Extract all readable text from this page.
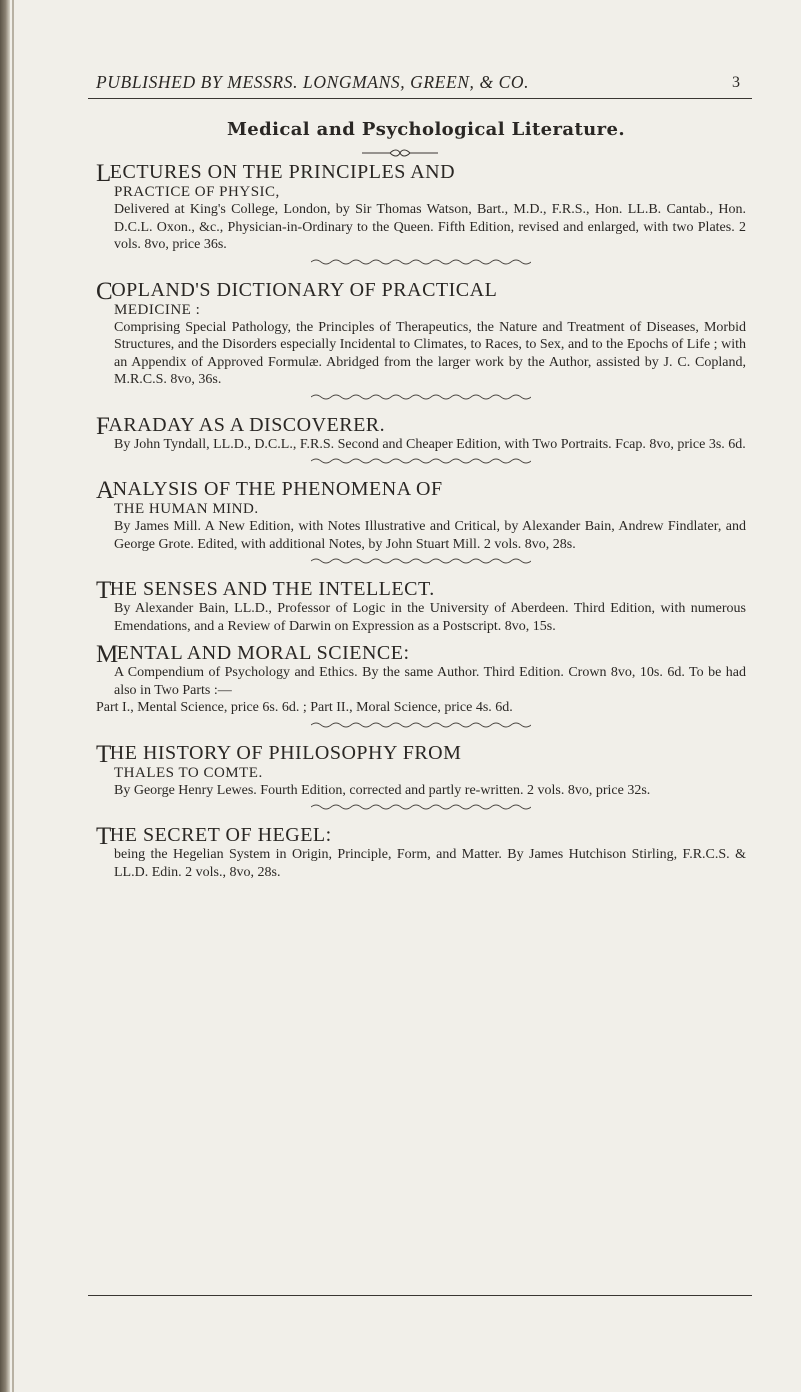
PUBLISHED BY MESSRS. LONGMANS, GREEN, & CO.	3
Medical and Psychological Literature.

LECTURES ON THE PRINCIPLES AND

PRACTICE OF PHYSIC,
Delivered at King's College, London, by Sir Thomas Watson, Bart., M.D., F.R.S., Hon. LL.B. Cantab., Hon. D.C.L. Oxon., &c., Physician-in-Ordinary to the Queen. Fifth Edition, revised and enlarged, with two Plates. 2 vols. 8vo, price 36s.

COPLAND'S DICTIONARY OF PRACTICAL

MEDICINE :
Comprising Special Pathology, the Principles of Therapeutics, the Nature and Treatment of Diseases, Morbid Structures, and the Disorders especially Incidental to Climates, to Races, to Sex, and to the Epochs of Life ; with an Appendix of Approved Formulæ. Abridged from the larger work by the Author, assisted by J. C. Copland, M.R.C.S. 8vo, 36s.

FARADAY AS A DISCOVERER.

By John Tyndall, LL.D., D.C.L., F.R.S. Second and Cheaper Edition, with Two Portraits. Fcap. 8vo, price 3s. 6d.

ANALYSIS OF THE PHENOMENA OF

THE HUMAN MIND.
By James Mill. A New Edition, with Notes Illustrative and Critical, by Alexander Bain, Andrew Findlater, and George Grote. Edited, with additional Notes, by John Stuart Mill. 2 vols. 8vo, 28s.

THE SENSES AND THE INTELLECT.

By Alexander Bain, LL.D., Professor of Logic in the University of Aberdeen. Third Edition, with numerous Emendations, and a Review of Darwin on Expression as a Postscript. 8vo, 15s.

MENTAL AND MORAL SCIENCE:

A Compendium of Psychology and Ethics. By the same Author. Third Edition. Crown 8vo, 10s. 6d. To be had also in Two Parts :—
Part I., Mental Science, price 6s. 6d. ; Part II., Moral Science, price 4s. 6d.

THE HISTORY OF PHILOSOPHY FROM

THALES TO COMTE.
By George Henry Lewes. Fourth Edition, corrected and partly re-written. 2 vols. 8vo, price 32s.

THE SECRET OF HEGEL:

being the Hegelian System in Origin, Principle, Form, and Matter. By James Hutchison Stirling, F.R.C.S. & LL.D. Edin. 2 vols., 8vo, 28s.
